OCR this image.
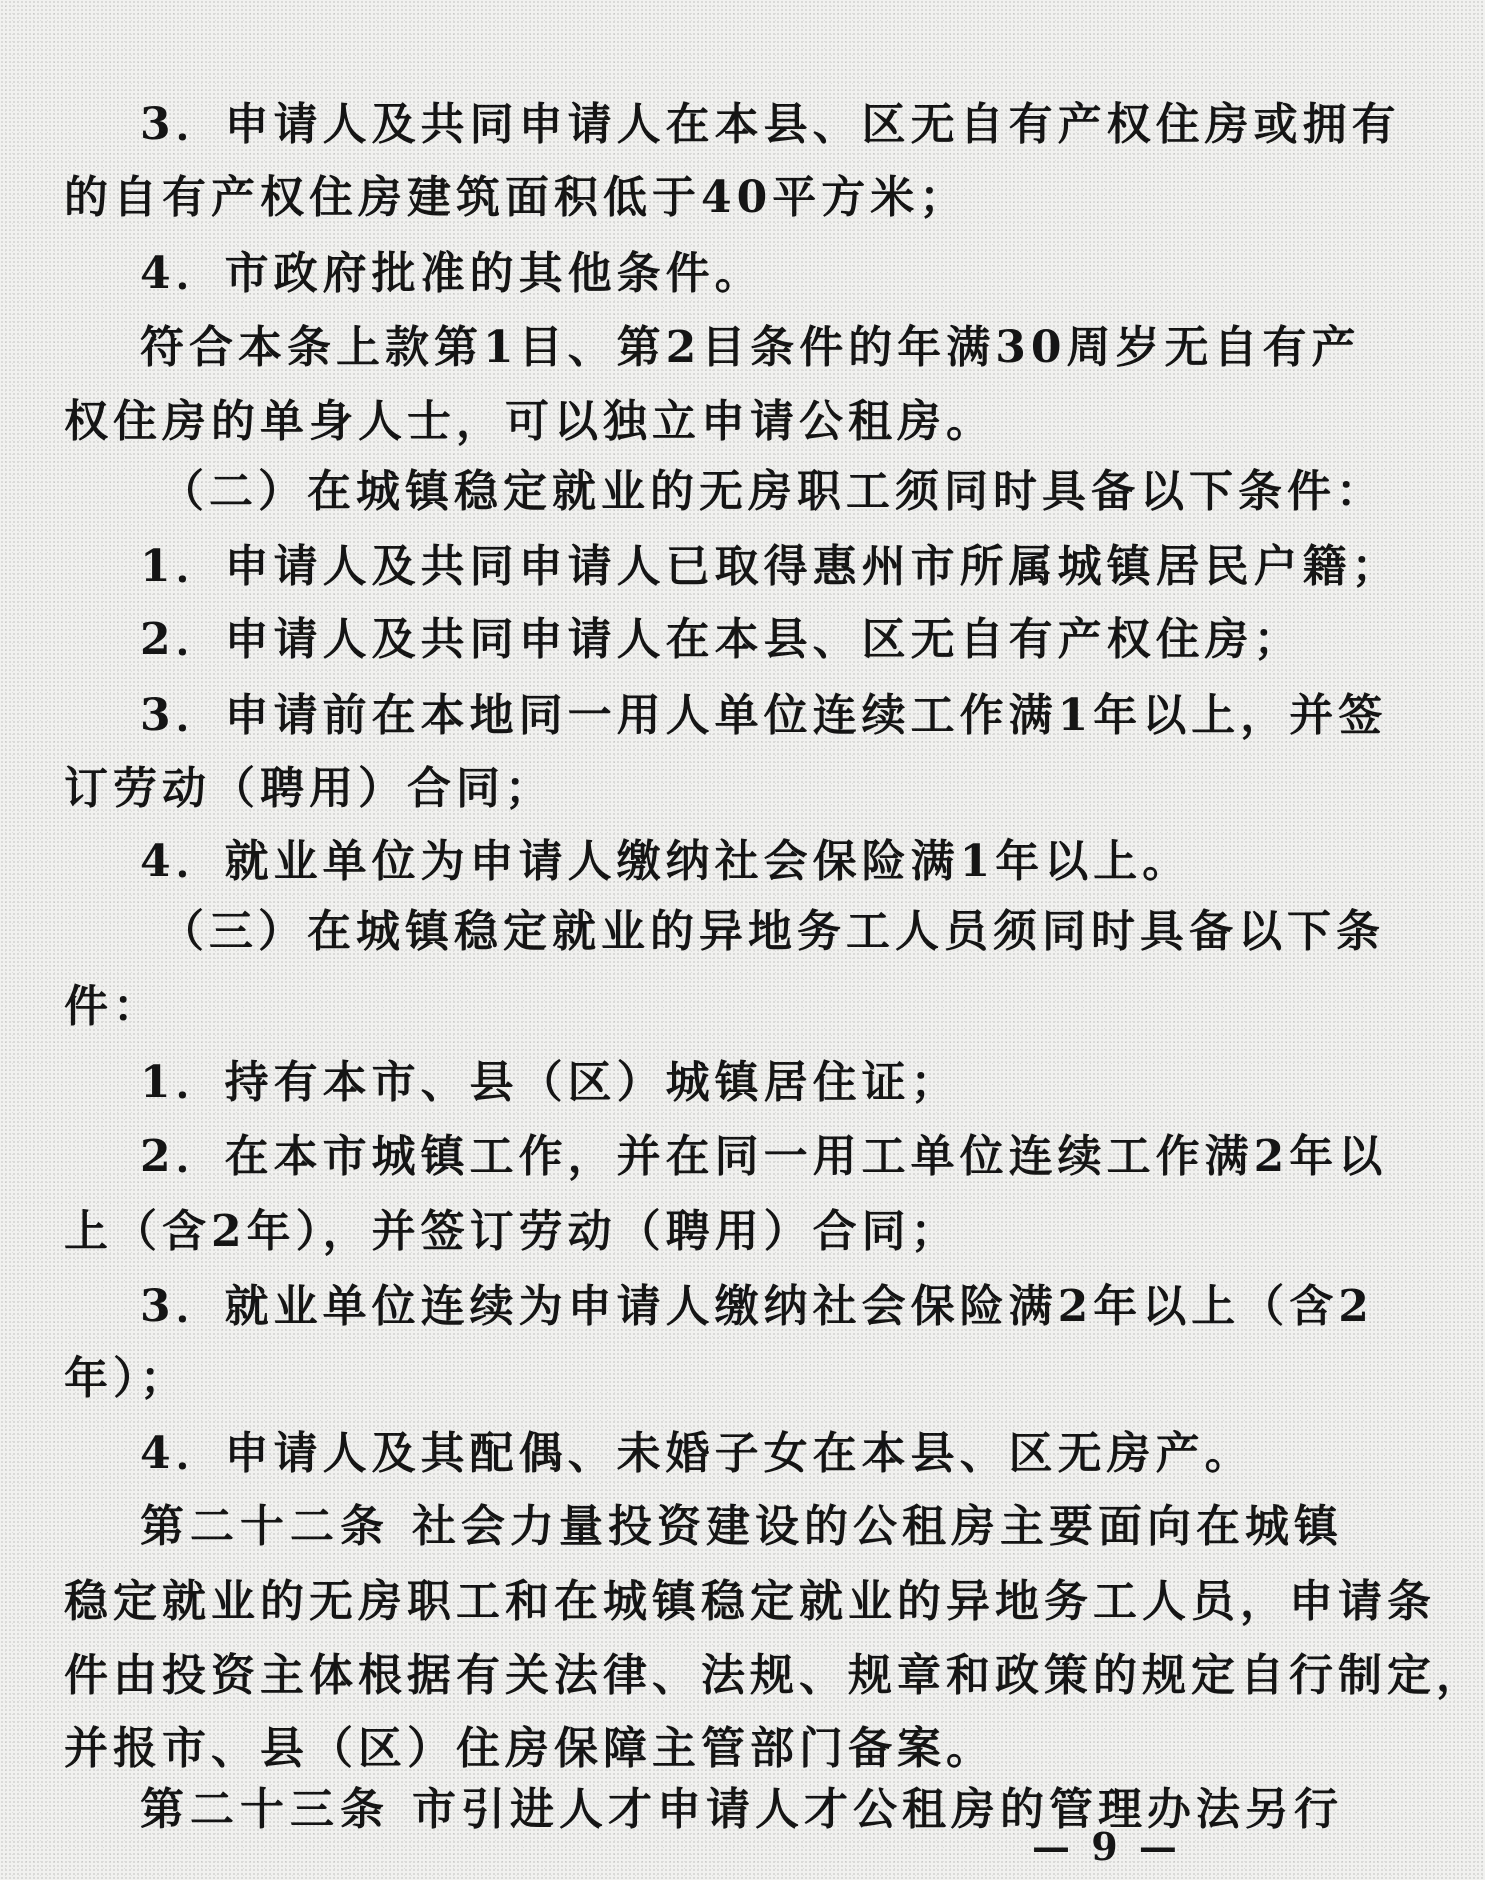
3．申请人及共同申请人在本县、区无自有产权住房或拥有
的自有产权住房建筑面积低于40平方米；
4．市政府批准的其他条件。
符合本条上款第1目、第2目条件的年满30周岁无自有产
权住房的单身人士，可以独立申请公租房。
（二）在城镇稳定就业的无房职工须同时具备以下条件：
1．申请人及共同申请人已取得惠州市所属城镇居民户籍；
2．申请人及共同申请人在本县、区无自有产权住房；
3．申请前在本地同一用人单位连续工作满1年以上，并签
订劳动（聘用）合同；
4．就业单位为申请人缴纳社会保险满1年以上。
（三）在城镇稳定就业的异地务工人员须同时具备以下条
件：
1．持有本市、县（区）城镇居住证；
2．在本市城镇工作，并在同一用工单位连续工作满2年以
上（含2年），并签订劳动（聘用）合同；
3．就业单位连续为申请人缴纳社会保险满2年以上（含2
年）；
4．申请人及其配偶、未婚子女在本县、区无房产。
第二十二条 社会力量投资建设的公租房主要面向在城镇
稳定就业的无房职工和在城镇稳定就业的异地务工人员，申请条
件由投资主体根据有关法律、法规、规章和政策的规定自行制定，
并报市、县（区）住房保障主管部门备案。
第二十三条 市引进人才申请人才公租房的管理办法另行
— 9 —
